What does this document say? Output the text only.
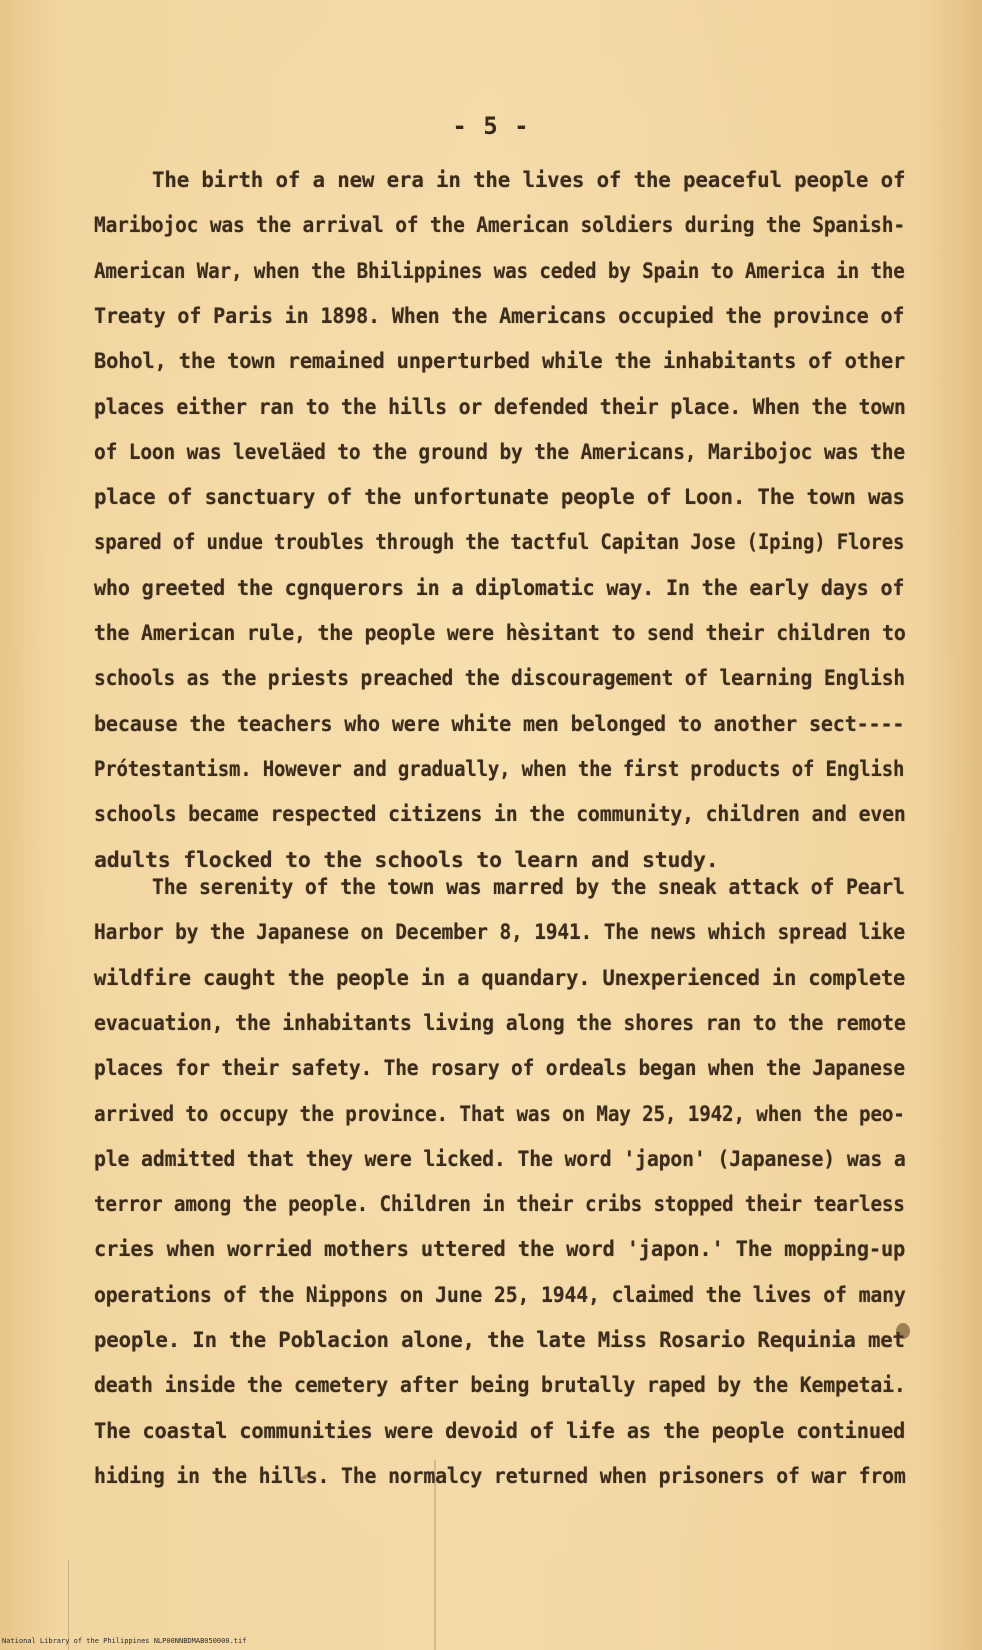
- 5 -
The birth of a new era in the lives of the peaceful people of
Maribojoc was the arrival of the American soldiers during the Spanish-
American War, when the Bhilippines was ceded by Spain to America in the
Treaty of Paris in 1898. When the Americans occupied the province of
Bohol, the town remained unperturbed while the inhabitants of other
places either ran to the hills or defended their place. When the town
of Loon was leveläed to the ground by the Americans, Maribojoc was the
place of sanctuary of the unfortunate people of Loon. The town was
spared of undue troubles through the tactful Capitan Jose (Iping) Flores
who greeted the cgnquerors in a diplomatic way. In the early days of
the American rule, the people were hèsitant to send their children to
schools as the priests preached the discouragement of learning English
because the teachers who were white men belonged to another sect----
Prótestantism. However and gradually, when the first products of English
schools became respected citizens in the community, children and even
adults flocked to the schools to learn and study.
The serenity of the town was marred by the sneak attack of Pearl
Harbor by the Japanese on December 8, 1941. The news which spread like
wildfire caught the people in a quandary. Unexperienced in complete
evacuation, the inhabitants living along the shores ran to the remote
places for their safety. The rosary of ordeals began when the Japanese
arrived to occupy the province. That was on May 25, 1942, when the peo-
ple admitted that they were licked. The word 'japon' (Japanese) was a
terror among the people. Children in their cribs stopped their tearless
cries when worried mothers uttered the word 'japon.' The mopping-up
operations of the Nippons on June 25, 1944, claimed the lives of many
people. In the Poblacion alone, the late Miss Rosario Requinia met
death inside the cemetery after being brutally raped by the Kempetai.
The coastal communities were devoid of life as the people continued
hiding in the hills. The normalcy returned when prisoners of war from
National Library of the Philippines NLP00NNBDMAB050000.tif
